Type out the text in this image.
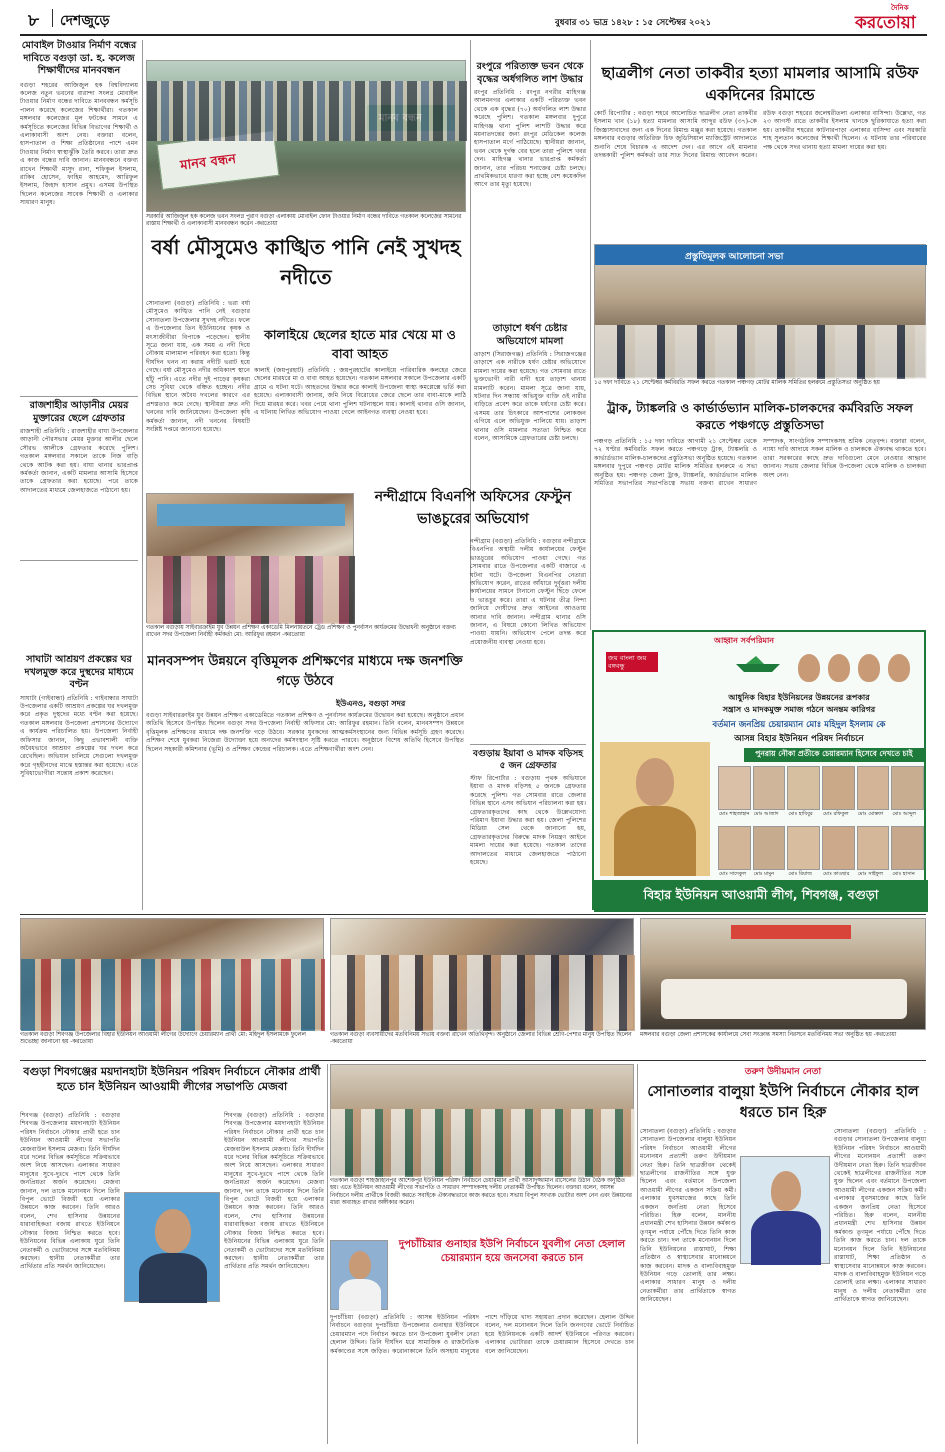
৮ দেশজুড়ে	বুধবার ৩১ ভাদ্র ১৪২৮ : ১৫ সেপ্টেম্বর ২০২১
দৈনিক
করতোয়া
মোবাইল টাওয়ার নির্মাণ বন্ধের দাবিতে বগুড়া ডা. হ. কলেজ শিক্ষার্থীদের মানববন্ধন
বগুড়া শহরের আজিজুল হক বিশ্ববিদ্যালয় কলেজ নতুন ভবনের বারান্দা সংলগ্ন মোবাইল টাওয়ার নির্মাণ বন্ধের দাবিতে মানববন্ধন কর্মসূচি পালন করেছে কলেজের শিক্ষার্থীরা। গতকাল মঙ্গলবার কলেজের মূল ফটকের সামনে এ কর্মসূচিতে কলেজের বিভিন্ন বিভাগের শিক্ষার্থী ও এলাকাবাসী অংশ নেয়। বক্তারা বলেন, হাসপাতাল ও শিক্ষা প্রতিষ্ঠানের পাশে এমন টাওয়ার নির্মাণ স্বাস্থ্যঝুঁকি তৈরি করবে। তারা দ্রুত এ কাজ বন্ধের দাবি জানান। মানববন্ধনে বক্তব্য রাখেন শিক্ষার্থী মাসুদ রানা, শফিকুল ইসলাম, রাকিব হোসেন, ফাহিম আহমেদ, আরিফুল ইসলাম, জিহাদ হাসান প্রমুখ। এসময় উপস্থিত ছিলেন কলেজের সাবেক শিক্ষার্থী ও এলাকার সাধারণ মানুষ।
রাজশাহীর আড়ানীর মেয়র মুক্তারের ছেলে গ্রেফতার
রাজশাহী প্রতিনিধি : রাজশাহীর বাঘা উপজেলার আড়ানী পৌরসভার মেয়র মুক্তার আলীর ছেলে সৌরভ আলীকে গ্রেফতার করেছে পুলিশ। গতকাল মঙ্গলবার সকালে তাকে নিজ বাড়ি থেকে আটক করা হয়। বাঘা থানার ভারপ্রাপ্ত কর্মকর্তা জানান, একটি মামলার আসামি হিসেবে তাকে গ্রেফতার করা হয়েছে। পরে তাকে আদালতের মাধ্যমে জেলহাজতে পাঠানো হয়।
মানব বন্ধন
সরকারি আজিজুল হক কলেজ ভবন সংলগ্ন পুরাণ বগুড়া এলাকায় মোবাইল ফোন টাওয়ার নির্মাণ বন্ধের দাবিতে গতকাল কলেজের সামনের রাস্তায় শিক্ষার্থী ও এলাকাবাসী মানববন্ধন করেন -করতোয়া
বর্ষা মৌসুমেও কাঙ্খিত পানি নেই সুখদহ নদীতে
সোনাতলা (বগুড়া) প্রতিনিধি : ভরা বর্ষা মৌসুমেও কাঙ্খিত পানি নেই বগুড়ার সোনাতলা উপজেলার সুখদহ নদীতে। ফলে এ উপজেলার তিন ইউনিয়নের কৃষক ও মৎস্যজীবীরা বিপাকে পড়েছেন। স্থানীয় সূত্রে জানা যায়, এক সময় এ নদী দিয়ে নৌকায় মালামাল পরিবহন করা হতো। কিন্তু দীর্ঘদিন খনন না করায় নদীটি ভরাট হয়ে গেছে। বর্ষা মৌসুমেও নদীর অধিকাংশ স্থানে হাঁটু পানি। এতে নদীর দুই পাড়ের কৃষকরা সেচ সুবিধা থেকে বঞ্চিত হচ্ছেন। নদীর বিভিন্ন স্থানে অবৈধ দখলের কারণে এর প্রশস্ততাও কমে গেছে। স্থানীয়রা দ্রুত নদী খননের দাবি জানিয়েছেন। উপজেলা কৃষি কর্মকর্তা জানান, নদী খননের বিষয়টি সংশ্লিষ্ট দপ্তরে জানানো হয়েছে।
কালাইয়ে ছেলের হাতে মার খেয়ে মা ও বাবা আহত
কালাই (জয়পুরহাট) প্রতিনিধি : জয়পুরহাটের কালাইয়ে পারিবারিক কলহের জেরে ছেলের মারধরে মা ও বাবা আহত হয়েছেন। গতকাল মঙ্গলবার সকালে উপজেলার একটি গ্রামে এ ঘটনা ঘটে। আহতদের উদ্ধার করে কালাই উপজেলা স্বাস্থ্য কমপ্লেক্সে ভর্তি করা হয়েছে। এলাকাবাসী জানায়, জমি নিয়ে বিরোধের জেরে ছেলে তার বাবা-মাকে লাঠি দিয়ে মারধর করে। খবর পেয়ে থানা পুলিশ ঘটনাস্থলে যায়। কালাই থানার ওসি জানান, এ ঘটনায় লিখিত অভিযোগ পাওয়া গেলে আইনগত ব্যবস্থা নেওয়া হবে।
গতকাল বগুড়ায় সাইবারক্রাইম যুব উন্নয়ন প্রশিক্ষণ একাডেমি মিলনায়তনে ট্রেড প্রশিক্ষণ ও পুনর্বাসন কার্যক্রমের উদ্বোধনী অনুষ্ঠানে বক্তব্য রাখেন সদর উপজেলা নির্বাহী কর্মকর্তা মো: আরিফুর রহমান -করতোয়া
সাঘাটা আশ্রয়ণ প্রকল্পের ঘর দখলমুক্ত করে দুস্থদের মাধ্যমে বণ্টন
সাঘাটা (গাইবান্ধা) প্রতিনিধি : গাইবান্ধার সাঘাটা উপজেলার একটি আশ্রয়ণ প্রকল্পের ঘর দখলমুক্ত করে প্রকৃত দুস্থদের মধ্যে বণ্টন করা হয়েছে। গতকাল মঙ্গলবার উপজেলা প্রশাসনের উদ্যোগে এ কার্যক্রম পরিচালিত হয়। উপজেলা নির্বাহী অফিসার জানান, কিছু প্রভাবশালী ব্যক্তি অবৈধভাবে আশ্রয়ণ প্রকল্পের ঘর দখল করে রেখেছিল। অভিযান চালিয়ে সেগুলো দখলমুক্ত করে গৃহহীনদের মাঝে হস্তান্তর করা হয়েছে। এতে সুবিধাভোগীরা সন্তোষ প্রকাশ করেছেন।
মানবসম্পদ উন্নয়নে বৃত্তিমূলক প্রশিক্ষণের মাধ্যমে দক্ষ জনশক্তি গড়ে উঠবে
ইউএনও, বগুড়া সদর
বগুড়া সাইবারক্রাইম যুব উন্নয়ন প্রশিক্ষণ একাডেমিতে গতকাল প্রশিক্ষণ ও পুনর্বাসন কার্যক্রমের উদ্বোধন করা হয়েছে। অনুষ্ঠানে প্রধান অতিথি হিসেবে উপস্থিত ছিলেন বগুড়া সদর উপজেলা নির্বাহী অফিসার মো: আরিফুর রহমান। তিনি বলেন, মানবসম্পদ উন্নয়নে বৃত্তিমূলক প্রশিক্ষণের মাধ্যমে দক্ষ জনশক্তি গড়ে উঠবে। সরকার যুবকদের আত্মকর্মসংস্থানের জন্য বিভিন্ন কর্মসূচি গ্রহণ করেছে। প্রশিক্ষণ শেষে যুবকরা নিজেরা উদ্যোক্তা হয়ে অন্যদের কর্মসংস্থান সৃষ্টি করতে পারবে। অনুষ্ঠানে বিশেষ অতিথি হিসেবে উপস্থিত ছিলেন সহকারী কমিশনার (ভূমি) ও প্রশিক্ষণ কেন্দ্রের পরিচালক। এতে প্রশিক্ষণার্থীরা অংশ নেন।
রংপুরে পরিত্যক্ত ভবন থেকে বৃদ্ধের অর্ধগলিত লাশ উদ্ধার
রংপুর প্রতিনিধি : রংপুর নগরীর মাহিগঞ্জ আলমনগর এলাকার একটি পরিত্যক্ত ভবন থেকে এক বৃদ্ধের (৭০) অর্ধগলিত লাশ উদ্ধার করেছে পুলিশ। গতকাল মঙ্গলবার দুপুরে মাহিগঞ্জ থানা পুলিশ লাশটি উদ্ধার করে ময়নাতদন্তের জন্য রংপুর মেডিকেল কলেজ হাসপাতাল মর্গে পাঠিয়েছে। স্থানীয়রা জানান, ভবন থেকে দুর্গন্ধ বের হলে তারা পুলিশে খবর দেন। মাহিগঞ্জ থানার ভারপ্রাপ্ত কর্মকর্তা জানান, তার পরিচয় শনাক্তের চেষ্টা চলছে। প্রাথমিকভাবে ধারণা করা হচ্ছে বেশ কয়েকদিন আগে তার মৃত্যু হয়েছে।
তাড়াশে ধর্ষণ চেষ্টার অভিযোগে মামলা
তাড়াশ (সিরাজগঞ্জ) প্রতিনিধি : সিরাজগঞ্জের তাড়াশে এক নারীকে ধর্ষণ চেষ্টার অভিযোগে মামলা দায়ের করা হয়েছে। গত সোমবার রাতে ভুক্তভোগী নারী বাদী হয়ে তাড়াশ থানায় মামলাটি করেন। মামলা সূত্রে জানা যায়, ঘটনার দিন সন্ধ্যায় অভিযুক্ত ব্যক্তি ওই নারীর বাড়িতে প্রবেশ করে তাকে ধর্ষণের চেষ্টা করে। এসময় তার চিৎকারে আশপাশের লোকজন এগিয়ে এলে অভিযুক্ত পালিয়ে যায়। তাড়াশ থানার ওসি মামলার সত্যতা নিশ্চিত করে বলেন, আসামিকে গ্রেফতারের চেষ্টা চলছে।
নন্দীগ্রামে বিএনপি অফিসের ফেস্টুন ভাঙচুরের অভিযোগ
নন্দীগ্রাম (বগুড়া) প্রতিনিধি : বগুড়ার নন্দীগ্রামে বিএনপির অস্থায়ী দলীয় কার্যালয়ের ফেস্টুন ভাঙচুরের অভিযোগ পাওয়া গেছে। গত সোমবার রাতে উপজেলার একটি বাজারে এ ঘটনা ঘটে। উপজেলা বিএনপির নেতারা অভিযোগ করেন, রাতের আঁধারে দুর্বৃত্তরা দলীয় কার্যালয়ের সামনে টানানো ফেস্টুন ছিঁড়ে ফেলে ও ভাঙচুর করে। তারা এ ঘটনার তীব্র নিন্দা জানিয়ে দোষীদের দ্রুত আইনের আওতায় আনার দাবি জানান। নন্দীগ্রাম থানার ওসি জানান, এ বিষয়ে কোনো লিখিত অভিযোগ পাওয়া যায়নি। অভিযোগ পেলে তদন্ত করে প্রয়োজনীয় ব্যবস্থা নেওয়া হবে।
বগুড়ায় ইয়াবা ও মাদক বড়িসহ ৫ জন গ্রেফতার
স্টাফ রিপোর্টার : বগুড়ায় পৃথক অভিযানে ইয়াবা ও মাদক বড়িসহ ৫ জনকে গ্রেফতার করেছে পুলিশ। গত সোমবার রাতে জেলার বিভিন্ন স্থানে এসব অভিযান পরিচালনা করা হয়। গ্রেফতারকৃতদের কাছ থেকে উল্লেখযোগ্য পরিমাণ ইয়াবা উদ্ধার করা হয়। জেলা পুলিশের মিডিয়া সেল থেকে জানানো হয়, গ্রেফতারকৃতদের বিরুদ্ধে মাদক নিয়ন্ত্রণ আইনে মামলা দায়ের করা হয়েছে। গতকাল তাদের আদালতের মাধ্যমে জেলহাজতে পাঠানো হয়েছে।
ছাত্রলীগ নেতা তাকবীর হত্যা মামলার আসামি রউফ একদিনের রিমান্ডে
কোর্ট রিপোর্টার : বগুড়া শহরে আলোচিত ছাত্রলীগ নেতা তাকবীর ইসলাম খান (১৮) হত্যা মামলার আসামি আব্দুর রউফ (৩৭)-কে জিজ্ঞাসাবাদের জন্য এক দিনের রিমান্ড মঞ্জুর করা হয়েছে। গতকাল মঙ্গলবার বগুড়ার অতিরিক্ত চিফ জুডিসিয়াল ম্যাজিস্ট্রেট আদালতে শুনানি শেষে বিচারক এ আদেশ দেন। এর আগে এই মামলার তদন্তকারী পুলিশ কর্মকর্তা তার সাত দিনের রিমান্ড আবেদন করেন। রউফ বগুড়া শহরের জলেশ্বরীতলা এলাকার বাসিন্দা। উল্লেখ্য, গত ২৩ আগস্ট রাতে তাকবীর ইসলাম খানকে ছুরিকাঘাতে হত্যা করা হয়। তাকবীর শহরের কাটনারপাড়া এলাকার বাসিন্দা এবং সরকারি শাহ সুলতান কলেজের শিক্ষার্থী ছিলেন। এ ঘটনায় তার পরিবারের পক্ষ থেকে সদর থানায় হত্যা মামলা দায়ের করা হয়।
প্রস্তুতিমূলক আলোচনা সভা
১৫ দফা দাবিতে ২১ সেপ্টেম্বর কর্মবিরতি সফল করতে গতকাল পঞ্চগড় মোটর মালিক সমিতির হলরুমে প্রস্তুতিসভা অনুষ্ঠিত হয়
ট্রাক, ট্যাঙ্কলরি ও কার্ভার্ডভ্যান মালিক-চালকদের কর্মবিরতি সফল করতে পঞ্চগড়ে প্রস্তুতিসভা
পঞ্চগড় প্রতিনিধি : ১৫ দফা দাবিতে আগামী ২১ সেপ্টেম্বর থেকে ৭২ ঘণ্টার কর্মবিরতি সফল করতে পঞ্চগড়ে ট্রাক, ট্যাঙ্কলরি ও কার্ভার্ডভ্যান মালিক-চালকদের প্রস্তুতিসভা অনুষ্ঠিত হয়েছে। গতকাল মঙ্গলবার দুপুরে পঞ্চগড় মোটর মালিক সমিতির হলরুমে এ সভা অনুষ্ঠিত হয়। পঞ্চগড় জেলা ট্রাক, ট্যাঙ্কলরি, কার্ভার্ডভ্যান মালিক সমিতির সভাপতির সভাপতিত্বে সভায় বক্তব্য রাখেন সাধারণ সম্পাদক, সাংগঠনিক সম্পাদকসহ শ্রমিক নেতৃবৃন্দ। বক্তারা বলেন, ন্যায্য দাবি আদায়ে সকল মালিক ও চালককে ঐক্যবদ্ধ থাকতে হবে। তারা সরকারের কাছে দ্রুত দাবিগুলো মেনে নেওয়ার আহ্বান জানান। সভায় জেলার বিভিন্ন উপজেলা থেকে মালিক ও চালকরা অংশ নেন।
আহ্বান সর্বপরিমান
জয় বাংলা জয় বঙ্গবন্ধু
আধুনিক বিহার ইউনিয়নের উন্নয়নের রূপকার
সন্ত্রাস ও মাদকমুক্ত সমাজ গঠনে অনন্তম কারিগর
বর্তমান জনপ্রিয় চেয়ারম্যান মোঃ মহিদুল ইসলাম কে
আসন্ন বিহার ইউনিয়ন পরিষদ নির্বাচনে
পুনরায় নৌকা প্রতীকে চেয়ারম্যান হিসেবে দেখতে চাই
মোঃ শাহজাহান মোঃ আজাদ মোঃ হাবিবুর মোঃ রফিকুল মোঃ মোস্তফা মোঃ আব্দুল
মোঃ সাদেকুল মোঃ মামুন	মোঃ রিয়াজ মোঃ কাওছার মোঃ সাইফুল মোঃ হাসান
বিহার ইউনিয়ন আওয়ামী লীগ, শিবগঞ্জ, বগুড়া
গতকাল বগুড়া শিবগঞ্জ উপজেলার বিহার ইউনিয়ন আওয়ামী লীগের উদ্যোগে চেয়ারম্যান প্রার্থী মো: মহিদুল ইসলামকে ফুলেল শুভেচ্ছা জানানো হয় -করতোয়া
গতকাল বগুড়া ব্যবসায়ীদের মতবিনিময় সভায় বক্তব্য রাখেন অতিথিবৃন্দ। অনুষ্ঠানে জেলার বিভিন্ন শ্রেণি-পেশার মানুষ উপস্থিত ছিলেন -করতোয়া
মঙ্গলবার বগুড়া জেলা প্রশাসকের কার্যালয়ে সেবা সংক্রান্ত সমস্যা নিরসনে মতবিনিময় সভা অনুষ্ঠিত হয় -করতোয়া
বগুড়া শিবগঞ্জের ময়দানহাটা ইউনিয়ন পরিষদ নির্বাচনে নৌকার প্রার্থী হতে চান ইউনিয়ন আওয়ামী লীগের সভাপতি মেজবা
শিবগঞ্জ (বগুড়া) প্রতিনিধি : বগুড়ার শিবগঞ্জ উপজেলার ময়দানহাটা ইউনিয়ন পরিষদ নির্বাচনে নৌকার প্রার্থী হতে চান ইউনিয়ন আওয়ামী লীগের সভাপতি মেজবাউল ইসলাম মেজবা। তিনি দীর্ঘদিন ধরে দলের বিভিন্ন কর্মসূচিতে সক্রিয়ভাবে অংশ নিয়ে আসছেন। এলাকার সাধারণ মানুষের সুখে-দুঃখে পাশে থেকে তিনি জনপ্রিয়তা অর্জন করেছেন। মেজবা জানান, দল তাকে মনোনয়ন দিলে তিনি বিপুল ভোটে বিজয়ী হয়ে এলাকার উন্নয়নে কাজ করবেন। তিনি আরও বলেন, শেখ হাসিনার উন্নয়নের ধারাবাহিকতা বজায় রাখতে ইউনিয়নে নৌকার বিজয় নিশ্চিত করতে হবে। ইউনিয়নের বিভিন্ন এলাকায় ঘুরে তিনি নেতাকর্মী ও ভোটারদের সঙ্গে মতবিনিময় করছেন। স্থানীয় নেতাকর্মীরা তার প্রার্থিতার প্রতি সমর্থন জানিয়েছেন।
শিবগঞ্জ (বগুড়া) প্রতিনিধি : বগুড়ার শিবগঞ্জ উপজেলার ময়দানহাটা ইউনিয়ন পরিষদ নির্বাচনে নৌকার প্রার্থী হতে চান ইউনিয়ন আওয়ামী লীগের সভাপতি মেজবাউল ইসলাম মেজবা। তিনি দীর্ঘদিন ধরে দলের বিভিন্ন কর্মসূচিতে সক্রিয়ভাবে অংশ নিয়ে আসছেন। এলাকার সাধারণ মানুষের সুখে-দুঃখে পাশে থেকে তিনি জনপ্রিয়তা অর্জন করেছেন। মেজবা জানান, দল তাকে মনোনয়ন দিলে তিনি বিপুল ভোটে বিজয়ী হয়ে এলাকার উন্নয়নে কাজ করবেন। তিনি আরও বলেন, শেখ হাসিনার উন্নয়নের ধারাবাহিকতা বজায় রাখতে ইউনিয়নে নৌকার বিজয় নিশ্চিত করতে হবে। ইউনিয়নের বিভিন্ন এলাকায় ঘুরে তিনি নেতাকর্মী ও ভোটারদের সঙ্গে মতবিনিময় করছেন। স্থানীয় নেতাকর্মীরা তার প্রার্থিতার প্রতি সমর্থন জানিয়েছেন।
গতকাল বগুড়া শাহজাহানপুর আশেকপুর ইউনিয়ন পরিষদ নির্বাচনে চেয়ারম্যান প্রার্থী আসাদুজ্জামান রাসেলের উঠান বৈঠক অনুষ্ঠিত হয়। এতে ইউনিয়ন আওয়ামী লীগের সভাপতি ও সাধারণ সম্পাদকসহ দলীয় নেতাকর্মী উপস্থিত ছিলেন। বক্তারা বলেন, আসন্ন নির্বাচনে দলীয় প্রার্থীকে বিজয়ী করতে সবাইকে ঐক্যবদ্ধভাবে কাজ করতে হবে। সভায় বিপুল সংখ্যক ভোটার অংশ নেন এবং উন্নয়নের ধারা অব্যাহত রাখার অঙ্গীকার করেন।
দুপচাঁচিয়ার গুনাহার ইউপি নির্বাচনে যুবলীগ নেতা হেলাল চেয়ারম্যান হয়ে জনসেবা করতে চান
দুপচাঁচিয়া (বগুড়া) প্রতিনিধি : আসন্ন ইউনিয়ন পরিষদ নির্বাচনে বগুড়ার দুপচাঁচিয়া উপজেলার গুনাহার ইউনিয়নে চেয়ারম্যান পদে নির্বাচন করতে চান উপজেলা যুবলীগ নেতা হেলাল উদ্দিন। তিনি দীর্ঘদিন ধরে সামাজিক ও রাজনৈতিক কর্মকাণ্ডের সঙ্গে জড়িত। করোনাকালে তিনি অসহায় মানুষের পাশে দাঁড়িয়ে খাদ্য সহায়তা প্রদান করেছেন। হেলাল উদ্দিন বলেন, দল মনোনয়ন দিলে তিনি জনগণের ভোটে নির্বাচিত হয়ে ইউনিয়নকে একটি আদর্শ ইউনিয়নে পরিণত করবেন। এলাকার ভোটাররা তাকে চেয়ারম্যান হিসেবে দেখতে চান বলে জানিয়েছেন।
তরুণ উদীয়মান নেতা
সোনাতলার বালুয়া ইউপি নির্বাচনে নৌকার হাল ধরতে চান হিরু
সোনাতলা (বগুড়া) প্রতিনিধি : বগুড়ার সোনাতলা উপজেলার বালুয়া ইউনিয়ন পরিষদ নির্বাচনে আওয়ামী লীগের মনোনয়ন প্রত্যাশী তরুণ উদীয়মান নেতা হিরু। তিনি ছাত্রজীবন থেকেই ছাত্রলীগের রাজনীতির সঙ্গে যুক্ত ছিলেন এবং বর্তমানে উপজেলা আওয়ামী লীগের একজন সক্রিয় কর্মী। এলাকার যুবসমাজের কাছে তিনি একজন জনপ্রিয় নেতা হিসেবে পরিচিত। হিরু বলেন, মাননীয় প্রধানমন্ত্রী শেখ হাসিনার উন্নয়ন কর্মকাণ্ড তৃণমূল পর্যায়ে পৌঁছে দিতে তিনি কাজ করতে চান। দল তাকে মনোনয়ন দিলে তিনি ইউনিয়নের রাস্তাঘাট, শিক্ষা প্রতিষ্ঠান ও স্বাস্থ্যসেবার মানোন্নয়নে কাজ করবেন। মাদক ও বাল্যবিবাহমুক্ত ইউনিয়ন গড়ে তোলাই তার লক্ষ্য। এলাকার সাধারণ মানুষ ও দলীয় নেতাকর্মীরা তার প্রার্থিতাকে স্বাগত জানিয়েছেন।
সোনাতলা (বগুড়া) প্রতিনিধি : বগুড়ার সোনাতলা উপজেলার বালুয়া ইউনিয়ন পরিষদ নির্বাচনে আওয়ামী লীগের মনোনয়ন প্রত্যাশী তরুণ উদীয়মান নেতা হিরু। তিনি ছাত্রজীবন থেকেই ছাত্রলীগের রাজনীতির সঙ্গে যুক্ত ছিলেন এবং বর্তমানে উপজেলা আওয়ামী লীগের একজন সক্রিয় কর্মী। এলাকার যুবসমাজের কাছে তিনি একজন জনপ্রিয় নেতা হিসেবে পরিচিত। হিরু বলেন, মাননীয় প্রধানমন্ত্রী শেখ হাসিনার উন্নয়ন কর্মকাণ্ড তৃণমূল পর্যায়ে পৌঁছে দিতে তিনি কাজ করতে চান। দল তাকে মনোনয়ন দিলে তিনি ইউনিয়নের রাস্তাঘাট, শিক্ষা প্রতিষ্ঠান ও স্বাস্থ্যসেবার মানোন্নয়নে কাজ করবেন। মাদক ও বাল্যবিবাহমুক্ত ইউনিয়ন গড়ে তোলাই তার লক্ষ্য। এলাকার সাধারণ মানুষ ও দলীয় নেতাকর্মীরা তার প্রার্থিতাকে স্বাগত জানিয়েছেন।
